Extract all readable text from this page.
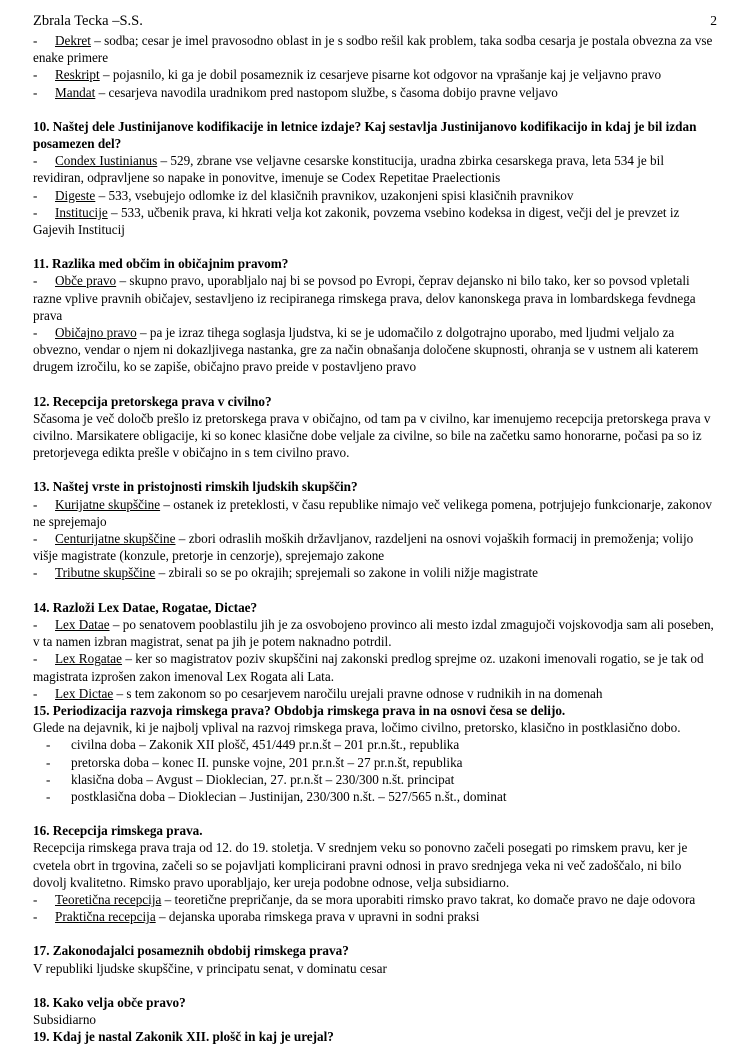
Zbrala Tecka –S.S.	2
- Dekret – sodba; cesar je imel pravosodno oblast in je s sodbo rešil kak problem, taka sodba cesarja je postala obvezna za vse enake primere
- Reskript – pojasnilo, ki ga je dobil posameznik iz cesarjeve pisarne kot odgovor na vprašanje kaj je veljavno pravo
- Mandat – cesarjeva navodila uradnikom pred nastopom službe, s časoma dobijo pravne veljavo

10. Naštej dele Justinijanove kodifikacije in letnice izdaje? Kaj sestavlja Justinijanovo kodifikacijo in kdaj je bil izdan posamezen del?

- Condex Iustinianus – 529, zbrane vse veljavne cesarske konstitucija, uradna zbirka cesarskega prava, leta 534 je bil revidiran, odpravljene so napake in ponovitve, imenuje se Codex Repetitae Praelectionis
- Digeste – 533, vsebujejo odlomke iz del klasičnih pravnikov, uzakonjeni spisi klasičnih pravnikov
- Institucije – 533, učbenik prava, ki hkrati velja kot zakonik, povzema vsebino kodeksa in digest, večji del je prevzet iz Gajevih Institucij

11. Razlika med občim in običajnim pravom?

- Obče pravo – skupno pravo, uporabljalo naj bi se povsod po Evropi, čeprav dejansko ni bilo tako, ker so povsod vpletali razne vplive pravnih običajev, sestavljeno iz recipiranega rimskega prava, delov kanonskega prava in lombardskega fevdnega prava
- Običajno pravo – pa je izraz tihega soglasja ljudstva, ki se je udomačilo z dolgotrajno uporabo, med ljudmi veljalo za obvezno, vendar o njem ni dokazljivega nastanka, gre za način obnašanja določene skupnosti, ohranja se v ustnem ali katerem drugem izročilu, ko se zapiše, običajno pravo preide v postavljeno pravo

12. Recepcija pretorskega prava v civilno?

Sčasoma je več določb prešlo iz pretorskega prava v običajno, od tam pa v civilno, kar imenujemo recepcija pretorskega prava v civilno. Marsikatere obligacije, ki so konec klasične dobe veljale za civilne, so bile na začetku samo honorarne, počasi pa so iz pretorjevega edikta prešle v običajno in s tem civilno pravo.

13. Naštej vrste in pristojnosti rimskih ljudskih skupščin?

- Kurijatne skupščine – ostanek iz preteklosti, v času republike nimajo več velikega pomena, potrjujejo funkcionarje, zakonov ne sprejemajo
- Centurijatne skupščine – zbori odraslih moških državljanov, razdeljeni na osnovi vojaških formacij in premoženja; volijo višje magistrate (konzule, pretorje in cenzorje), sprejemajo zakone
- Tributne skupščine – zbirali so se po okrajih; sprejemali so zakone in volili nižje magistrate

14. Razloži Lex Datae, Rogatae, Dictae?

- Lex Datae – po senatovem pooblastilu jih je za osvobojeno provinco ali mesto izdal zmagujoči vojskovodja sam ali poseben, v ta namen izbran magistrat, senat pa jih je potem naknadno potrdil.
- Lex Rogatae – ker so magistratov poziv skupščini naj zakonski predlog sprejme oz. uzakoni imenovali rogatio, se je tak od magistrata izprošen zakon imenoval Lex Rogata ali Lata.
- Lex Dictae – s tem zakonom so po cesarjevem naročilu urejali pravne odnose v rudnikih in na domenah

15. Periodizacija razvoja rimskega prava? Obdobja rimskega prava in na osnovi česa se delijo.

Glede na dejavnik, ki je najbolj vplival na razvoj rimskega prava, ločimo civilno, pretorsko, klasično in postklasično dobo.

- civilna doba – Zakonik XII plošč, 451/449 pr.n.št – 201 pr.n.št., republika
- pretorska doba – konec II. punske vojne, 201 pr.n.št – 27 pr.n.št, republika
- klasična doba – Avgust – Dioklecian, 27. pr.n.št – 230/300 n.št. principat
- postklasična doba – Dioklecian – Justinijan, 230/300 n.št. – 527/565 n.št., dominat

16. Recepcija rimskega prava.

Recepcija rimskega prava traja od 12. do 19. stoletja. V srednjem veku so ponovno začeli posegati po rimskem pravu, ker je cvetela obrt in trgovina, začeli so se pojavljati komplicirani pravni odnosi in pravo srednjega veka ni več zadoščalo, ni bilo dovolj kvalitetno. Rimsko pravo uporabljajo, ker ureja podobne odnose, velja subsidiarno.

- Teoretična recepcija – teoretične prepričanje, da se mora uporabiti rimsko pravo takrat, ko domače pravo ne daje odovora
- Praktična recepcija – dejanska uporaba rimskega prava v upravni in sodni praksi

17. Zakonodajalci posameznih obdobij rimskega prava?

V republiki ljudske skupščine, v principatu senat, v dominatu cesar

18. Kako velja obče pravo?

Subsidiarno

19. Kdaj je nastal Zakonik XII. plošč in kaj je urejal?
